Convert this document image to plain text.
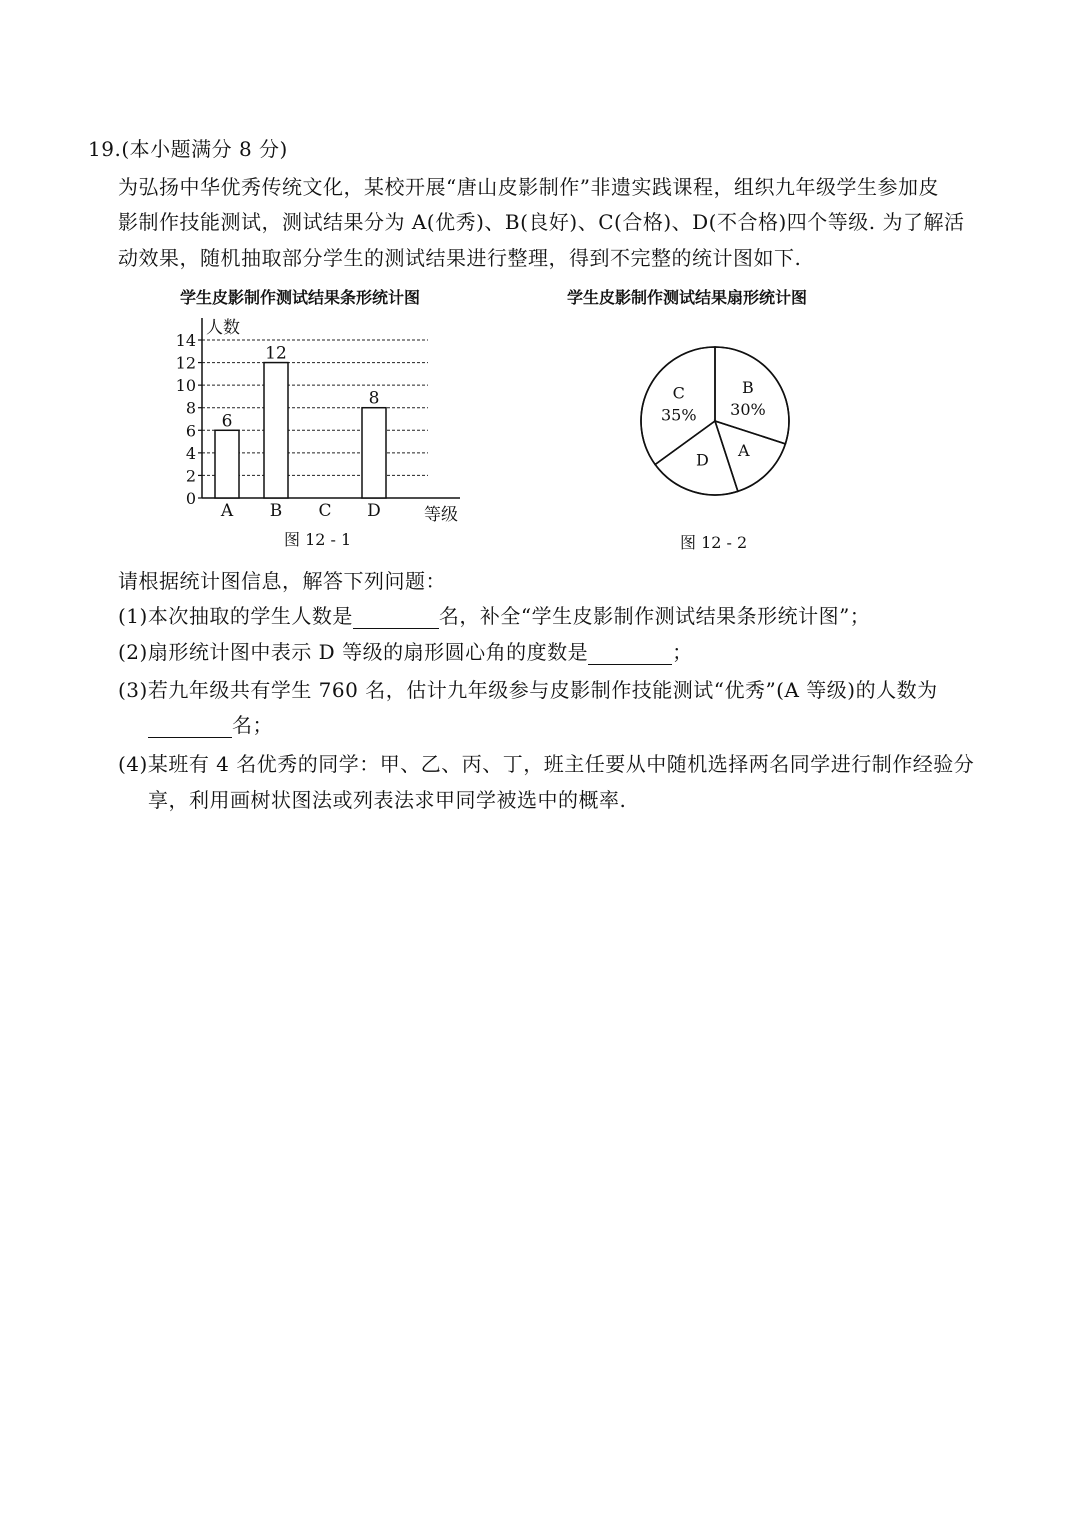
19.(本小题满分 8 分)
为弘扬中华优秀传统文化，某校开展“唐山皮影制作”非遗实践课程，组织九年级学生参加皮
影制作技能测试，测试结果分为 A(优秀)、B(良好)、C(合格)、D(不合格)四个等级. 为了解活
动效果，随机抽取部分学生的测试结果进行整理，得到不完整的统计图如下.
学生皮影制作测试结果条形统计图
0
2
4
6
8
10
12
14
6
12
8
A B C D
人数
等级
图 12 - 1
学生皮影制作测试结果扇形统计图
B
30%
A
D
C
35%
图 12 - 2
请根据统计图信息，解答下列问题：
(1)本次抽取的学生人数是	名，补全“学生皮影制作测试结果条形统计图”；
(2)扇形统计图中表示 D 等级的扇形圆心角的度数是	；
(3)若九年级共有学生 760 名，估计九年级参与皮影制作技能测试“优秀”(A 等级)的人数为
名；
(4)某班有 4 名优秀的同学：甲、乙、丙、丁，班主任要从中随机选择两名同学进行制作经验分
享，利用画树状图法或列表法求甲同学被选中的概率.
